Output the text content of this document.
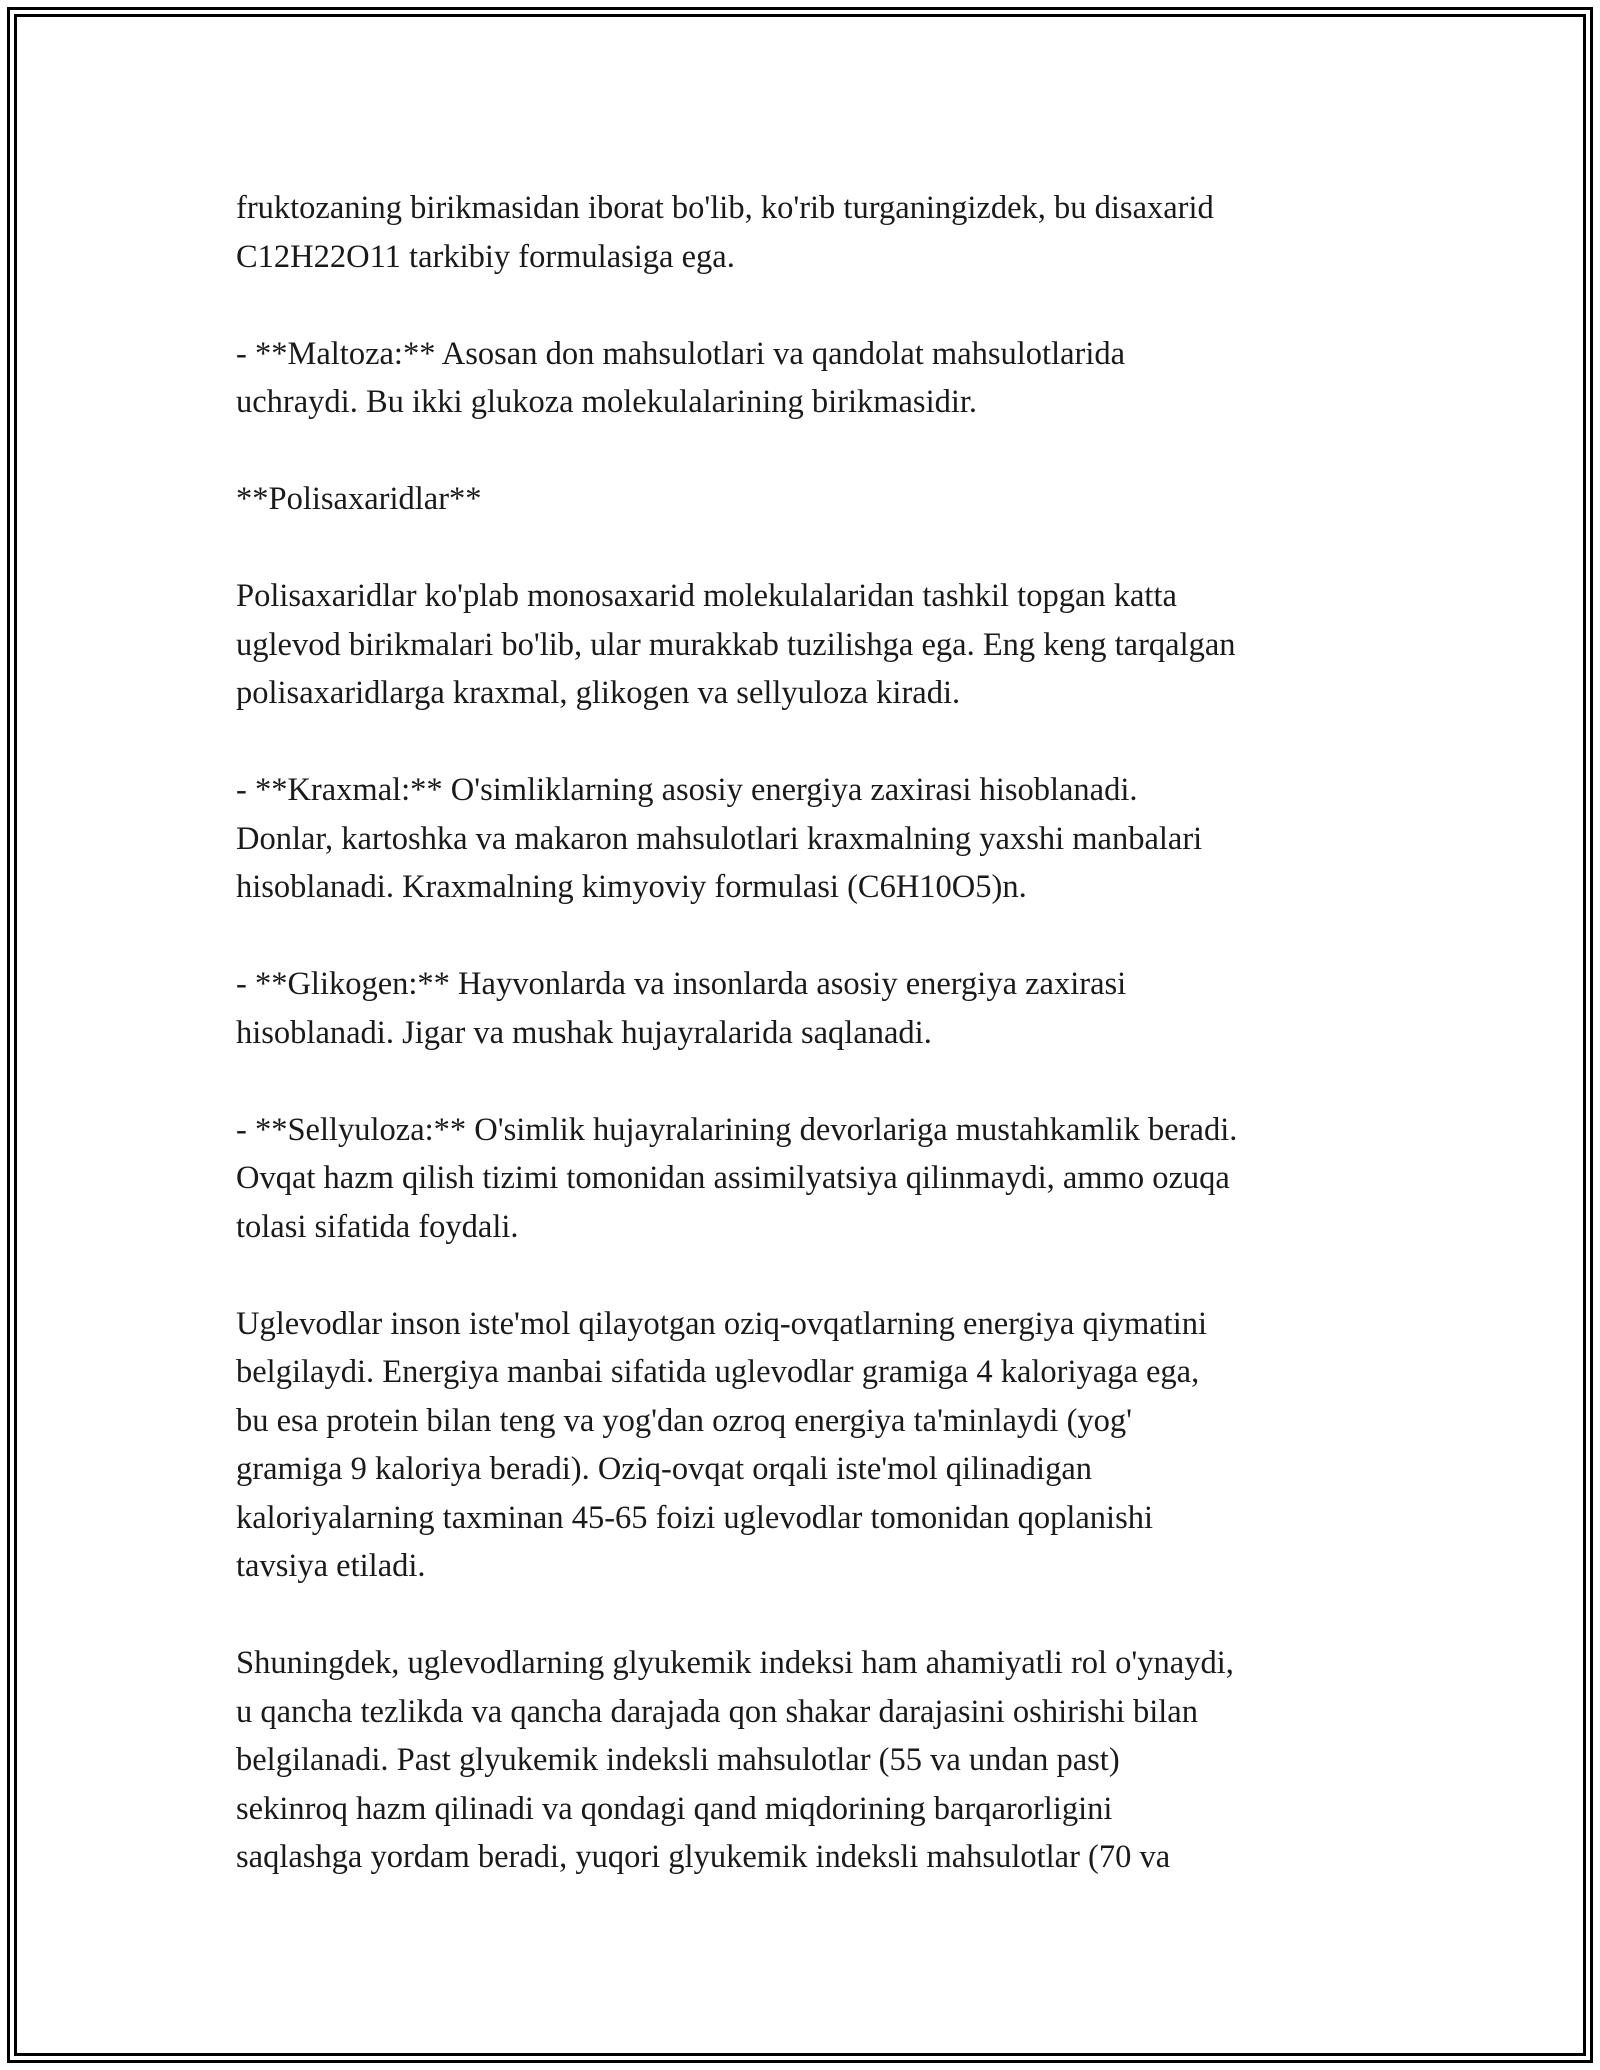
fruktozaning birikmasidan iborat bo'lib, ko'rib turganingizdek, bu disaxarid
C12H22O11 tarkibiy formulasiga ega.

- **Maltoza:** Asosan don mahsulotlari va qandolat mahsulotlarida
uchraydi. Bu ikki glukoza molekulalarining birikmasidir.

**Polisaxaridlar**

Polisaxaridlar ko'plab monosaxarid molekulalaridan tashkil topgan katta
uglevod birikmalari bo'lib, ular murakkab tuzilishga ega. Eng keng tarqalgan
polisaxaridlarga kraxmal, glikogen va sellyuloza kiradi.

- **Kraxmal:** O'simliklarning asosiy energiya zaxirasi hisoblanadi.
Donlar, kartoshka va makaron mahsulotlari kraxmalning yaxshi manbalari
hisoblanadi. Kraxmalning kimyoviy formulasi (C6H10O5)n.

- **Glikogen:** Hayvonlarda va insonlarda asosiy energiya zaxirasi
hisoblanadi. Jigar va mushak hujayralarida saqlanadi.

- **Sellyuloza:** O'simlik hujayralarining devorlariga mustahkamlik beradi.
Ovqat hazm qilish tizimi tomonidan assimilyatsiya qilinmaydi, ammo ozuqa
tolasi sifatida foydali.

Uglevodlar inson iste'mol qilayotgan oziq-ovqatlarning energiya qiymatini
belgilaydi. Energiya manbai sifatida uglevodlar gramiga 4 kaloriyaga ega,
bu esa protein bilan teng va yog'dan ozroq energiya ta'minlaydi (yog'
gramiga 9 kaloriya beradi). Oziq-ovqat orqali iste'mol qilinadigan
kaloriyalarning taxminan 45-65 foizi uglevodlar tomonidan qoplanishi
tavsiya etiladi.

Shuningdek, uglevodlarning glyukemik indeksi ham ahamiyatli rol o'ynaydi,
u qancha tezlikda va qancha darajada qon shakar darajasini oshirishi bilan
belgilanadi. Past glyukemik indeksli mahsulotlar (55 va undan past)
sekinroq hazm qilinadi va qondagi qand miqdorining barqarorligini
saqlashga yordam beradi, yuqori glyukemik indeksli mahsulotlar (70 va
